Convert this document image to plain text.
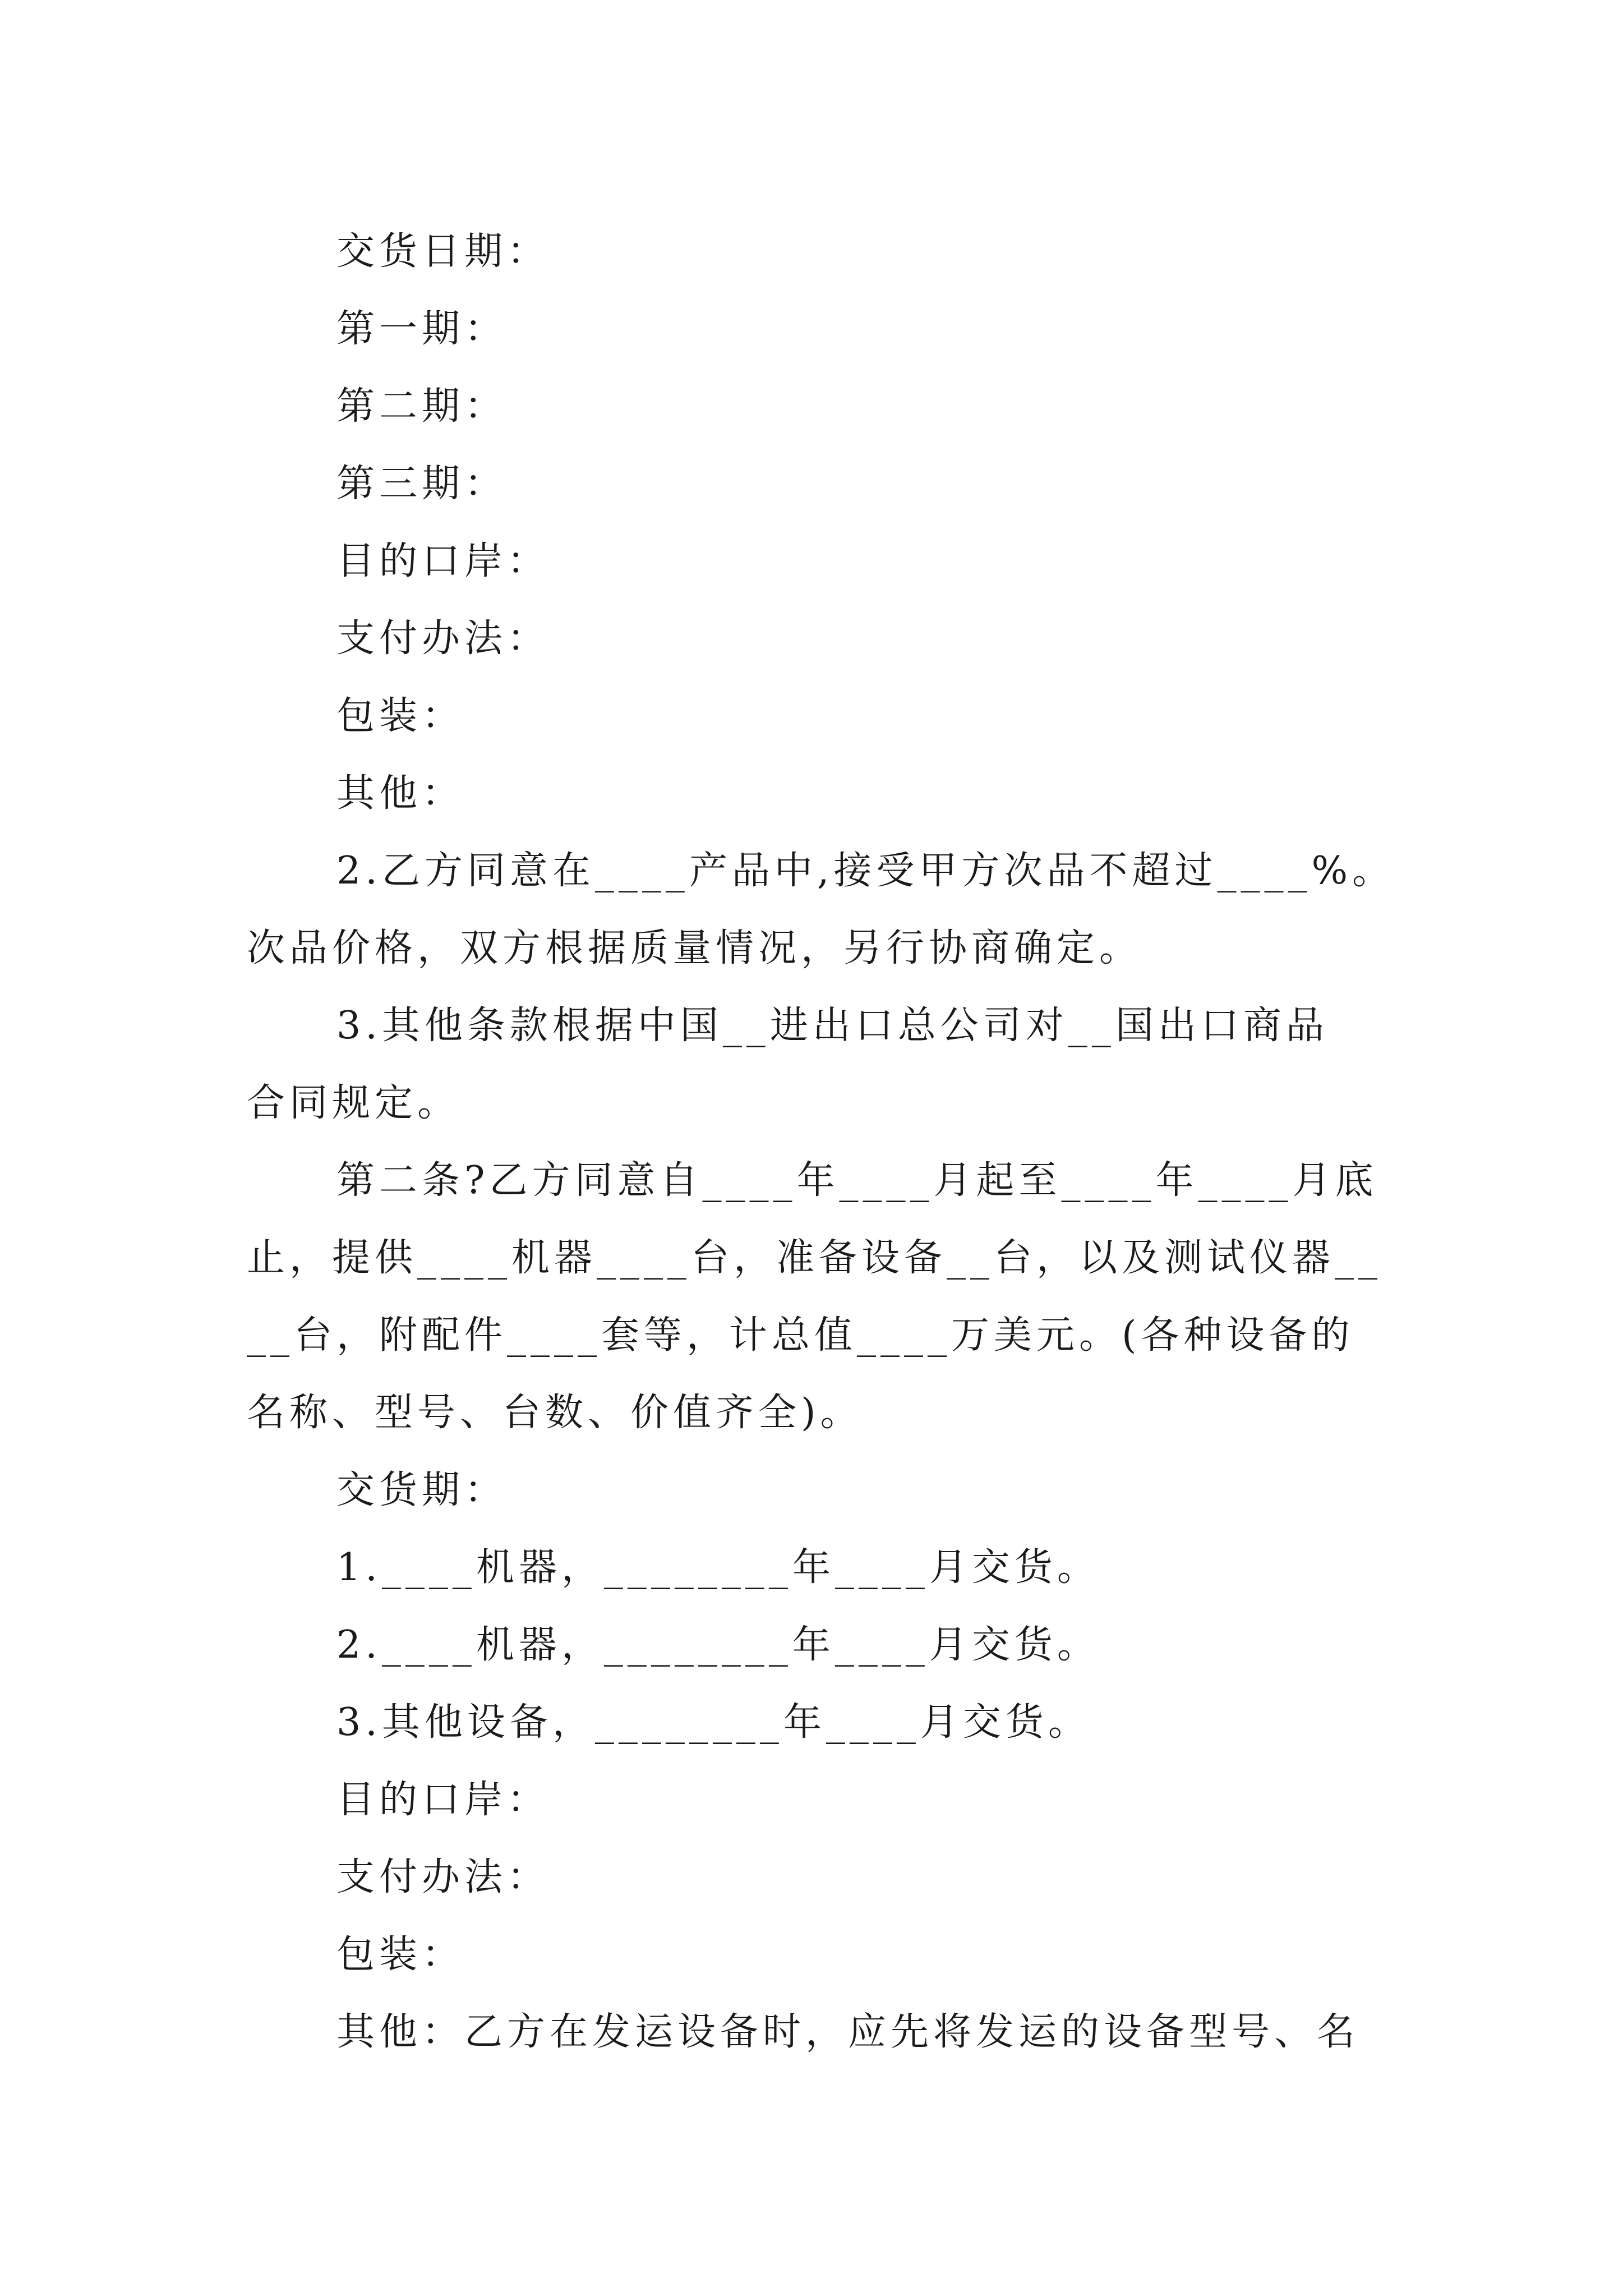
交货日期：
第一期：
第二期：
第三期：
目的口岸：
支付办法：
包装：
其他：
2.乙方同意在____产品中,接受甲方次品不超过____%。
次品价格，双方根据质量情况，另行协商确定。
3.其他条款根据中国__进出口总公司对__国出口商品
合同规定。
第二条?乙方同意自____年____月起至____年____月底
止，提供____机器____台，准备设备__台，以及测试仪器__
__台，附配件____套等，计总值____万美元。(各种设备的
名称、型号、台数、价值齐全)。
交货期：
1.____机器，________年____月交货。
2.____机器，________年____月交货。
3.其他设备，________年____月交货。
目的口岸：
支付办法：
包装：
其他：乙方在发运设备时，应先将发运的设备型号、名
